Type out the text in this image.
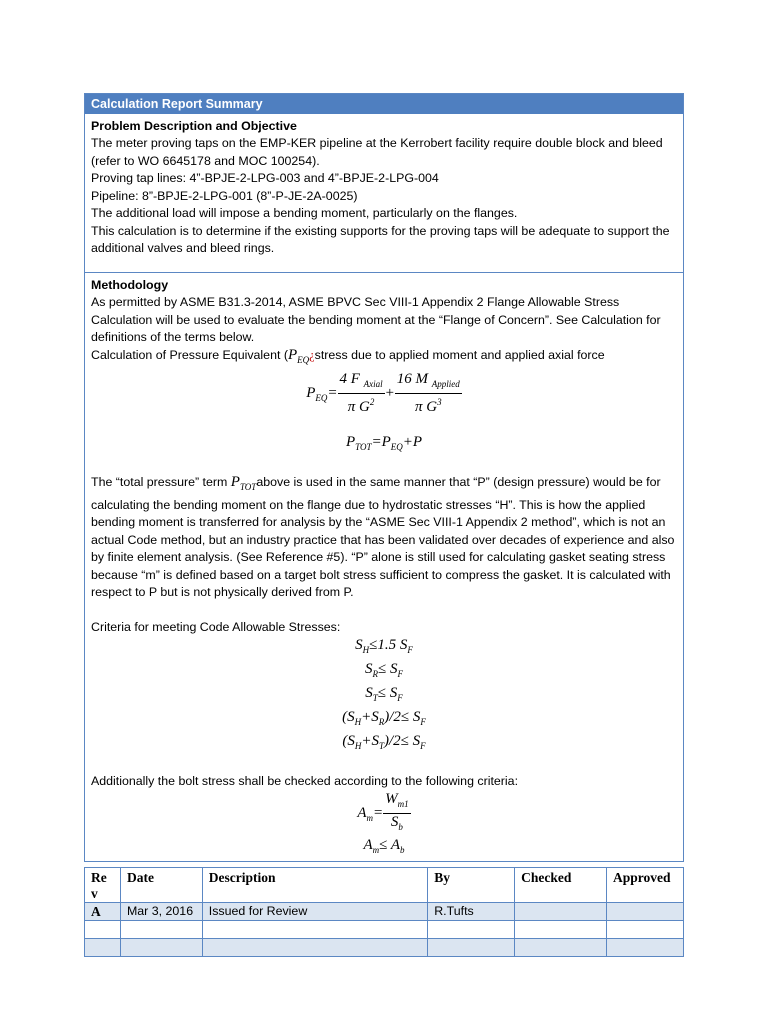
Calculation Report Summary
Problem Description and Objective

The meter proving taps on the EMP-KER pipeline at the Kerrobert facility require double block and bleed (refer to WO 6645178 and MOC 100254).

Proving tap lines: 4”-BPJE-2-LPG-003 and 4”-BPJE-2-LPG-004

Pipeline: 8”-BPJE-2-LPG-001 (8”-P-JE-2A-0025)

The additional load will impose a bending moment, particularly on the flanges.

This calculation is to determine if the existing supports for the proving taps will be adequate to support the additional valves and bleed rings.

Methodology

As permitted by ASME B31.3-2014, ASME BPVC Sec VIII-1 Appendix 2 Flange Allowable Stress Calculation will be used to evaluate the bending moment at the “Flange of Concern”. See Calculation for definitions of the terms below.

Calculation of Pressure Equivalent ($P_{EQ}¿stress$ due to applied moment and applied axial force

$P_{EQ}= \frac{4 F _{Axial}}{\pi G^2} + \frac{16 M _{Applied}}{\pi G^3}$
$P_{TOT}=P_{EQ}+P$

The “total pressure” term $P_{TOT}above$ is used in the same manner that “P” (design pressure) would be for calculating the bending moment on the flange due to hydrostatic stresses “H”. This is how the applied bending moment is transferred for analysis by the “ASME Sec VIII-1 Appendix 2 method”, which is not an actual Code method, but an industry practice that has been validated over decades of experience and also by finite element analysis. (See Reference #5). “P” alone is still used for calculating gasket seating stress because “m” is defined based on a target bolt stress sufficient to compress the gasket. It is calculated with respect to P but is not physically derived from P.

Criteria for meeting Code Allowable Stresses:

$S_H\le 1.5$ $S_F$
$S_R\le S_F$
$S_T\le S_F$
$(S_H+S_R)/2\le S_F$
$(S_H+S_T)/2\le S_F$

Additionally the bolt stress shall be checked according to the following criteria:

$A_m= \frac{W_{m1}}{S_b}$
$A_m\le A_b$

Re v	Date	Description	By	Checked	Approved
A	Mar 3, 2016	Issued for Review	R.Tufts		
